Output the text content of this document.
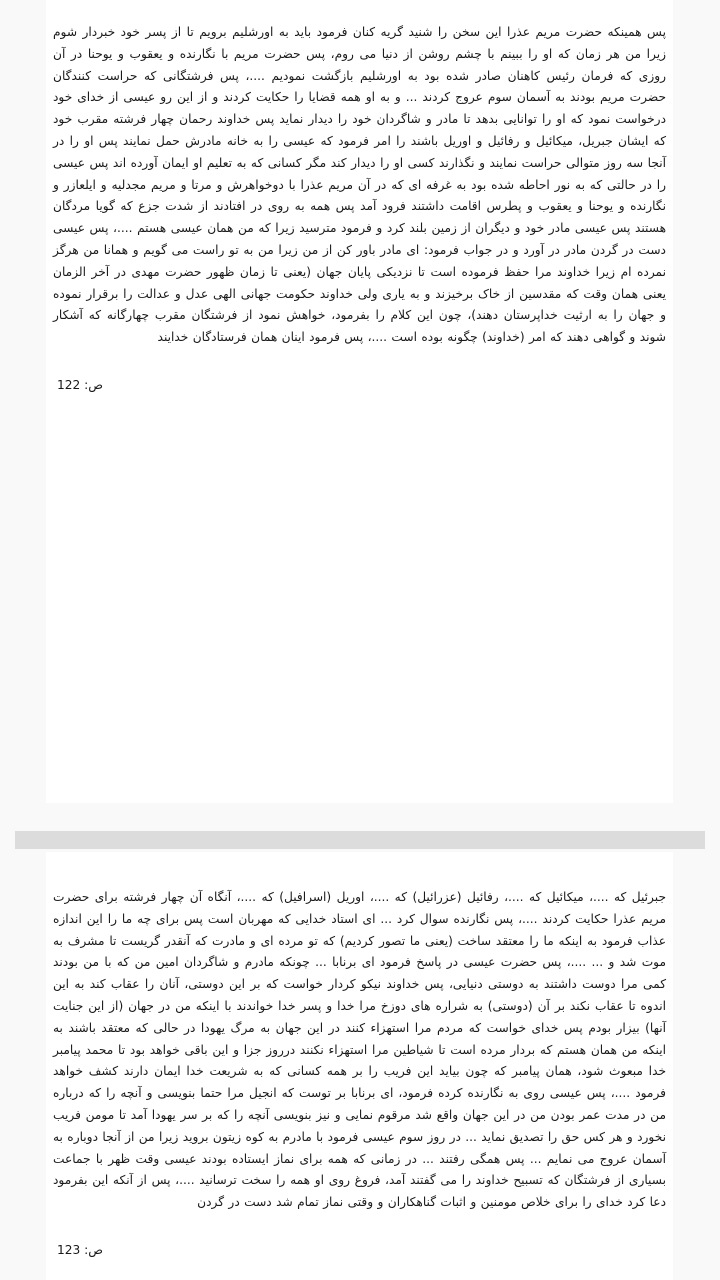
پس همینکه حضرت مریم عذرا این سخن را شنید گریه کنان فرمود باید به اورشلیم برویم تا از پسر خود خبردار شوم زیرا من هر زمان که او را ببینم با چشم روشن از دنیا می روم، پس حضرت مریم با نگارنده و یعقوب و یوحنا در آن روزی که فرمان رئیس کاهنان صادر شده بود به اورشلیم بازگشت نمودیم ....، پس فرشتگانی که حراست کنندگان حضرت مریم بودند به آسمان سوم عروج کردند ... و به او همه قضایا را حکایت کردند و از این رو عیسی از خدای خود درخواست نمود که او را توانایی بدهد تا مادر و شاگردان خود را دیدار نماید پس خداوند رحمان چهار فرشته مقرب خود که ایشان جبریل، میکائیل و رفائیل و اوریل باشند را امر فرمود که عیسی را به خانه مادرش حمل نمایند پس او را در آنجا سه روز متوالی حراست نمایند و نگذارند کسی او را دیدار کند مگر کسانی که به تعلیم او ایمان آورده اند پس عیسی را در حالتی که به نور احاطه شده بود به غرفه ای که در آن مریم عذرا با دوخواهرش و مرتا و مریم مجدلیه و ایلعازر و نگارنده و یوحنا و یعقوب و پطرس اقامت داشتند فرود آمد پس همه به روی در افتادند از شدت جزع که گویا مردگان هستند پس عیسی مادر خود و دیگران از زمین بلند کرد و فرمود مترسید زیرا که من همان عیسی هستم ....، پس عیسی دست در گردن مادر در آورد و در جواب فرمود: ای مادر باور کن از من زیرا من به تو راست می گویم و همانا من هرگز نمرده ام زیرا خداوند مرا حفظ فرموده است تا نزدیکی پایان جهان (یعنی تا زمان ظهور حضرت مهدی در آخر الزمان یعنی همان وقت که مقدسین از خاک برخیزند و به یاری ولی خداوند حکومت جهانی الهی عدل و عدالت را برقرار نموده و جهان را به ارثیت خداپرستان دهند)، چون این کلام را بفرمود، خواهش نمود از فرشتگان مقرب چهارگانه که آشکار شوند و گواهی دهند که امر (خداوند) چگونه بوده است ....، پس فرمود اینان همان فرستادگان خدایند
ص: 122
جبرئیل که ....، میکائیل که ....، رفائیل (عزرائیل) که ....، اوریل (اسرافیل) که ....، آنگاه آن چهار فرشته برای حضرت مریم عذرا حکایت کردند ....، پس نگارنده سوال کرد ... ای استاد خدایی که مهربان است پس برای چه ما را این اندازه عذاب فرمود به اینکه ما را معتقد ساخت (یعنی ما تصور کردیم) که تو مرده ای و مادرت که آنقدر گریست تا مشرف به موت شد و ... ....، پس حضرت عیسی در پاسخ فرمود ای برنابا ... چونکه مادرم و شاگردان امین من که با من بودند کمی مرا دوست داشتند به دوستی دنیایی، پس خداوند نیکو کردار خواست که بر این دوستی، آنان را عقاب کند به این اندوه تا عقاب نکند بر آن (دوستی) به شراره های دوزخ مرا خدا و پسر خدا خواندند با اینکه من در جهان (از این جنایت آنها) بیزار بودم پس خدای خواست که مردم مرا استهزاء کنند در این جهان به مرگ یهودا در حالی که معتقد باشند به اینکه من همان هستم که بردار مرده است تا شیاطین مرا استهزاء نکنند درروز جزا و این باقی خواهد بود تا محمد پیامبر خدا مبعوث شود، همان پیامبر که چون بیاید این فریب را بر همه کسانی که به شریعت خدا ایمان دارند کشف خواهد فرمود ....، پس عیسی روی به نگارنده کرده فرمود، ای برنابا بر توست که انجیل مرا حتما بنویسی و آنچه را که درباره من در مدت عمر بودن من در این جهان واقع شد مرقوم نمایی و نیز بنویسی آنچه را که بر سر یهودا آمد تا مومن فریب نخورد و هر کس حق را تصدیق نماید ... در روز سوم عیسی فرمود با مادرم به کوه زیتون بروید زیرا من از آنجا دوباره به آسمان عروج می نمایم ... پس همگی رفتند ... در زمانی که همه برای نماز ایستاده بودند عیسی وقت ظهر با جماعت بسیاری از فرشتگان که تسبیح خداوند را می گفتند آمد، فروغ روی او همه را سخت ترسانید ....، پس از آنکه این بفرمود دعا کرد خدای را برای خلاص مومنین و اثبات گناهکاران و وقتی نماز تمام شد دست در گردن
ص: 123
